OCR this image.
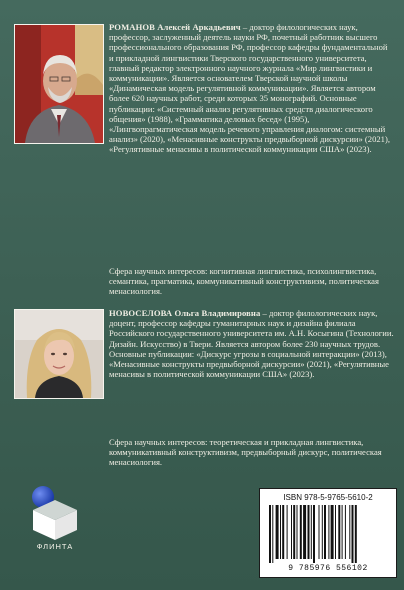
РОМАНОВ Алексей Аркадьевич – доктор филологических наук, профессор, заслуженный деятель науки РФ, почетный работник высшего профессионального образования РФ, профессор кафедры фундаментальной и прикладной лингвистики Тверского государственного университета, главный редактор электронного научного журнала «Мир лингвистики и коммуникации». Является основателем Тверской научной школы «Динамическая модель регулятивной коммуникации». Является автором более 620 научных работ, среди которых 35 монографий. Основные публикации: «Системный анализ регулятивных средств диалогического общения» (1988), «Грамматика деловых бесед» (1995), «Лингвопрагматическая модель речевого управления диалогом: системный анализ» (2020), «Менасивные конструкты предвыборной дискурсии» (2021), «Регулятивные менасивы в политической коммуникации США» (2023).

Сфера научных интересов: когнитивная лингвистика, психолингвистика, семантика, прагматика, коммуникативный конструктивизм, политическая менасиология.

НОВОСЕЛОВА Ольга Владимировна – доктор филологических наук, доцент, профессор кафедры гуманитарных наук и дизайна филиала Российского государственного университета им. А.Н. Косыгина (Технологии. Дизайн. Искусство) в Твери. Является автором более 230 научных трудов. Основные публикации: «Дискурс угрозы в социальной интеракции» (2013), «Менасивные конструкты предвыборной дискурсии» (2021), «Регулятивные менасивы в политической коммуникации США» (2023).

Сфера научных интересов: теоретическая и прикладная лингвистика, коммуникативный конструктивизм, предвыборный дискурс, политическая менасиология.
ФЛИНТА
ISBN 978-5-9765-5610-2
9 785976 556102
